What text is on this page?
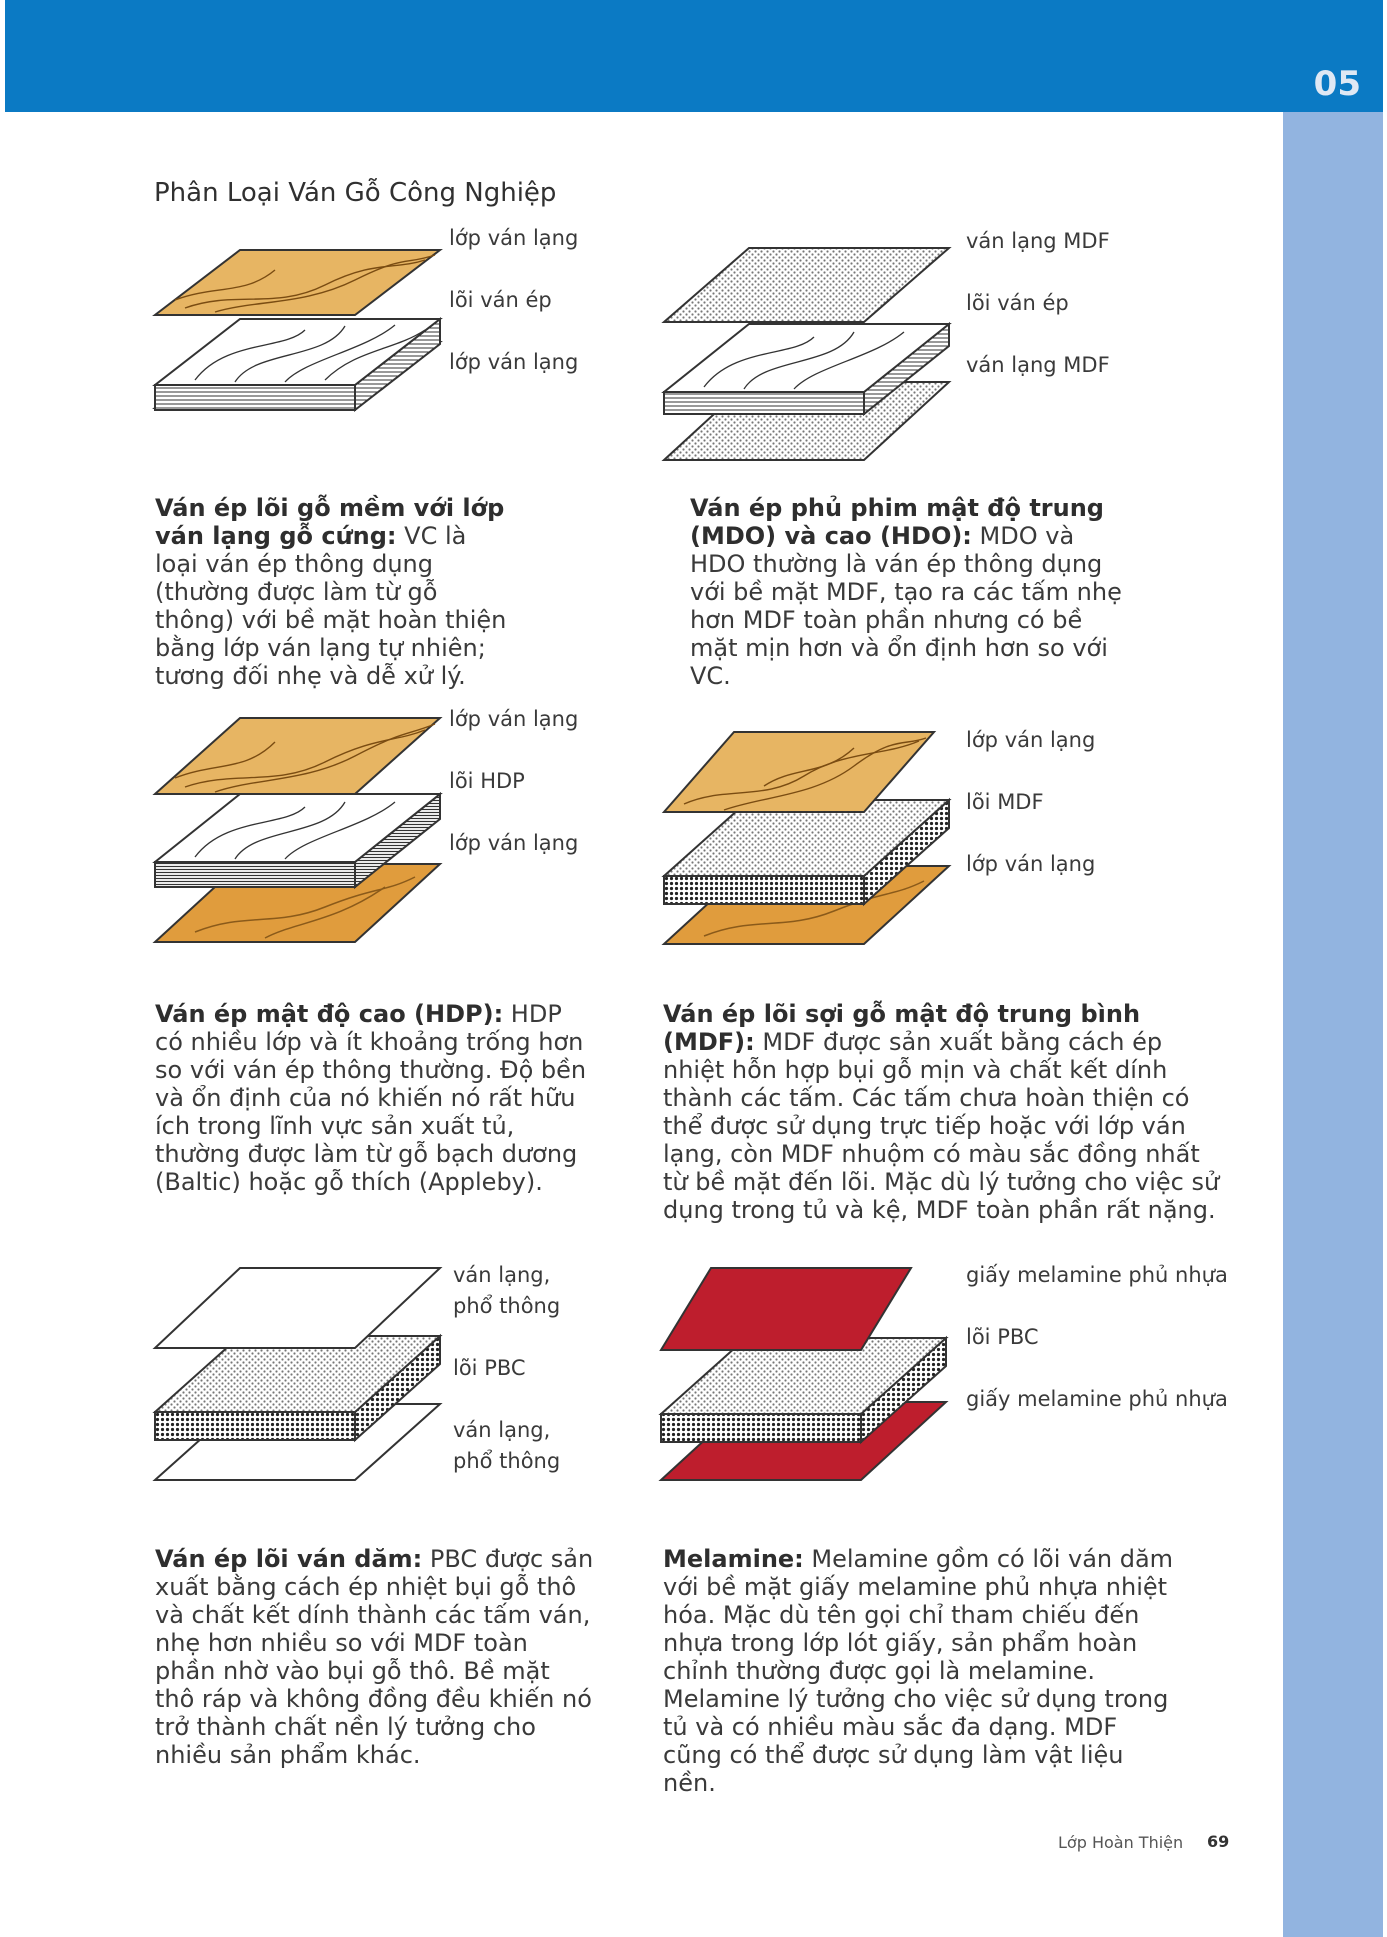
05
Phân Loại Ván Gỗ Công Nghiệp
lớp ván lạng
lõi ván ép
lớp ván lạng
ván lạng MDF
lõi ván ép
ván lạng MDF

Ván ép lõi gỗ mềm với lớp ván lạng gỗ cứng: VC là loại ván ép thông dụng (thường được làm từ gỗ thông) với bề mặt hoàn thiện bằng lớp ván lạng tự nhiên; tương đối nhẹ và dễ xử lý.

Ván ép phủ phim mật độ trung (MDO) và cao (HDO): MDO và HDO thường là ván ép thông dụng với bề mặt MDF, tạo ra các tấm nhẹ hơn MDF toàn phần nhưng có bề mặt mịn hơn và ổn định hơn so với VC.

lớp ván lạng
lõi HDP
lớp ván lạng
lớp ván lạng
lõi MDF
lớp ván lạng

Ván ép mật độ cao (HDP): HDP có nhiều lớp và ít khoảng trống hơn so với ván ép thông thường. Độ bền và ổn định của nó khiến nó rất hữu ích trong lĩnh vực sản xuất tủ, thường được làm từ gỗ bạch dương (Baltic) hoặc gỗ thích (Appleby).

Ván ép lõi sợi gỗ mật độ trung bình (MDF): MDF được sản xuất bằng cách ép nhiệt hỗn hợp bụi gỗ mịn và chất kết dính thành các tấm. Các tấm chưa hoàn thiện có thể được sử dụng trực tiếp hoặc với lớp ván lạng, còn MDF nhuộm có màu sắc đồng nhất từ bề mặt đến lõi. Mặc dù lý tưởng cho việc sử dụng trong tủ và kệ, MDF toàn phần rất nặng.

ván lạng,
phổ thông
lõi PBC
ván lạng,
phổ thông
giấy melamine phủ nhựa
lõi PBC
giấy melamine phủ nhựa

Ván ép lõi ván dăm: PBC được sản xuất bằng cách ép nhiệt bụi gỗ thô và chất kết dính thành các tấm ván, nhẹ hơn nhiều so với MDF toàn phần nhờ vào bụi gỗ thô. Bề mặt thô ráp và không đồng đều khiến nó trở thành chất nền lý tưởng cho nhiều sản phẩm khác.

Melamine: Melamine gồm có lõi ván dăm với bề mặt giấy melamine phủ nhựa nhiệt hóa. Mặc dù tên gọi chỉ tham chiếu đến nhựa trong lớp lót giấy, sản phẩm hoàn chỉnh thường được gọi là melamine. Melamine lý tưởng cho việc sử dụng trong tủ và có nhiều màu sắc đa dạng. MDF cũng có thể được sử dụng làm vật liệu nền.

Lớp Hoàn Thiện 69
